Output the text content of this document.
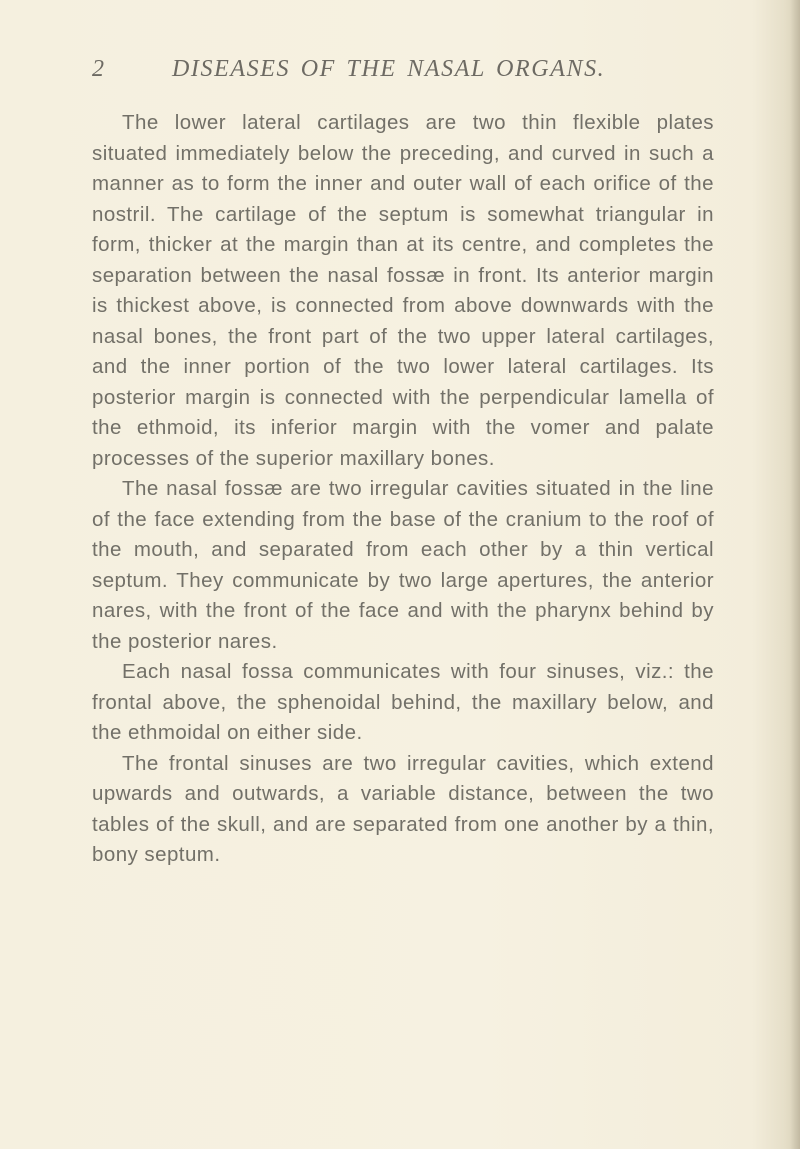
2	DISEASES OF THE NASAL ORGANS.

The lower lateral cartilages are two thin flexible plates situated immediately below the preceding, and curved in such a manner as to form the inner and outer wall of each orifice of the nostril. The cartilage of the septum is somewhat triangular in form, thicker at the margin than at its centre, and completes the separation between the nasal fossæ in front. Its anterior margin is thickest above, is connected from above downwards with the nasal bones, the front part of the two upper lateral cartilages, and the inner portion of the two lower lateral cartilages. Its posterior margin is connected with the perpendicular lamella of the ethmoid, its inferior margin with the vomer and palate processes of the superior maxillary bones.

The nasal fossæ are two irregular cavities situated in the line of the face extending from the base of the cranium to the roof of the mouth, and separated from each other by a thin vertical septum. They communicate by two large apertures, the anterior nares, with the front of the face and with the pharynx behind by the posterior nares.

Each nasal fossa communicates with four sinuses, viz.: the frontal above, the sphenoidal behind, the maxillary below, and the ethmoidal on either side.

The frontal sinuses are two irregular cavities, which extend upwards and outwards, a variable distance, between the two tables of the skull, and are separated from one another by a thin, bony septum.
